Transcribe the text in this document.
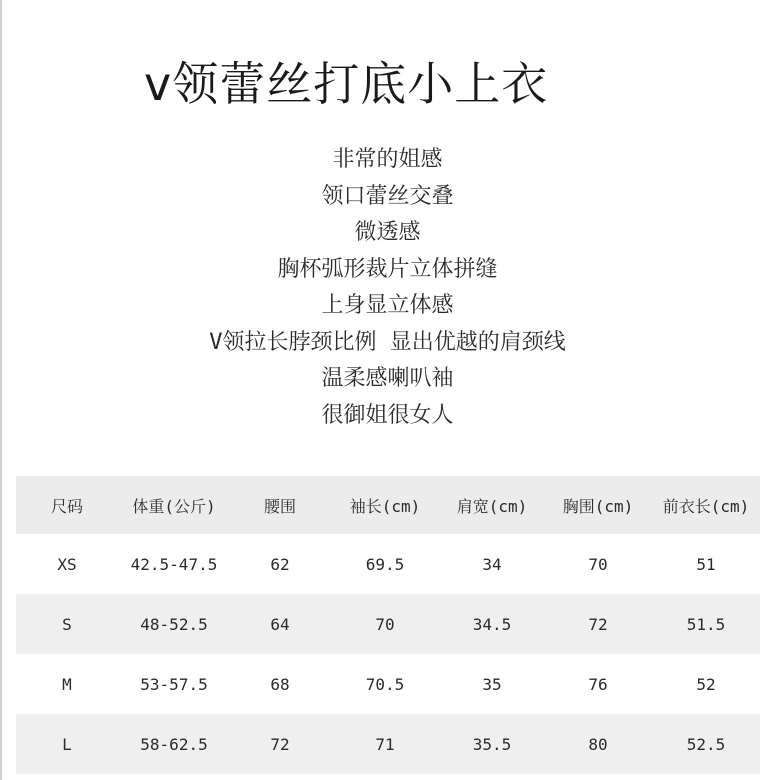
v领蕾丝打底小上衣
非常的姐感
领口蕾丝交叠
微透感
胸杯弧形裁片立体拼缝
上身显立体感
V领拉长脖颈比例 显出优越的肩颈线
温柔感喇叭袖
很御姐很女人
尺码	体重(公斤)	腰围	袖长(cm)	肩宽(cm)	胸围(cm)	前衣长(cm)
XS	42.5-47.5	62	69.5	34	70	51
S	48-52.5	64	70	34.5	72	51.5
M	53-57.5	68	70.5	35	76	52
L	58-62.5	72	71	35.5	80	52.5
